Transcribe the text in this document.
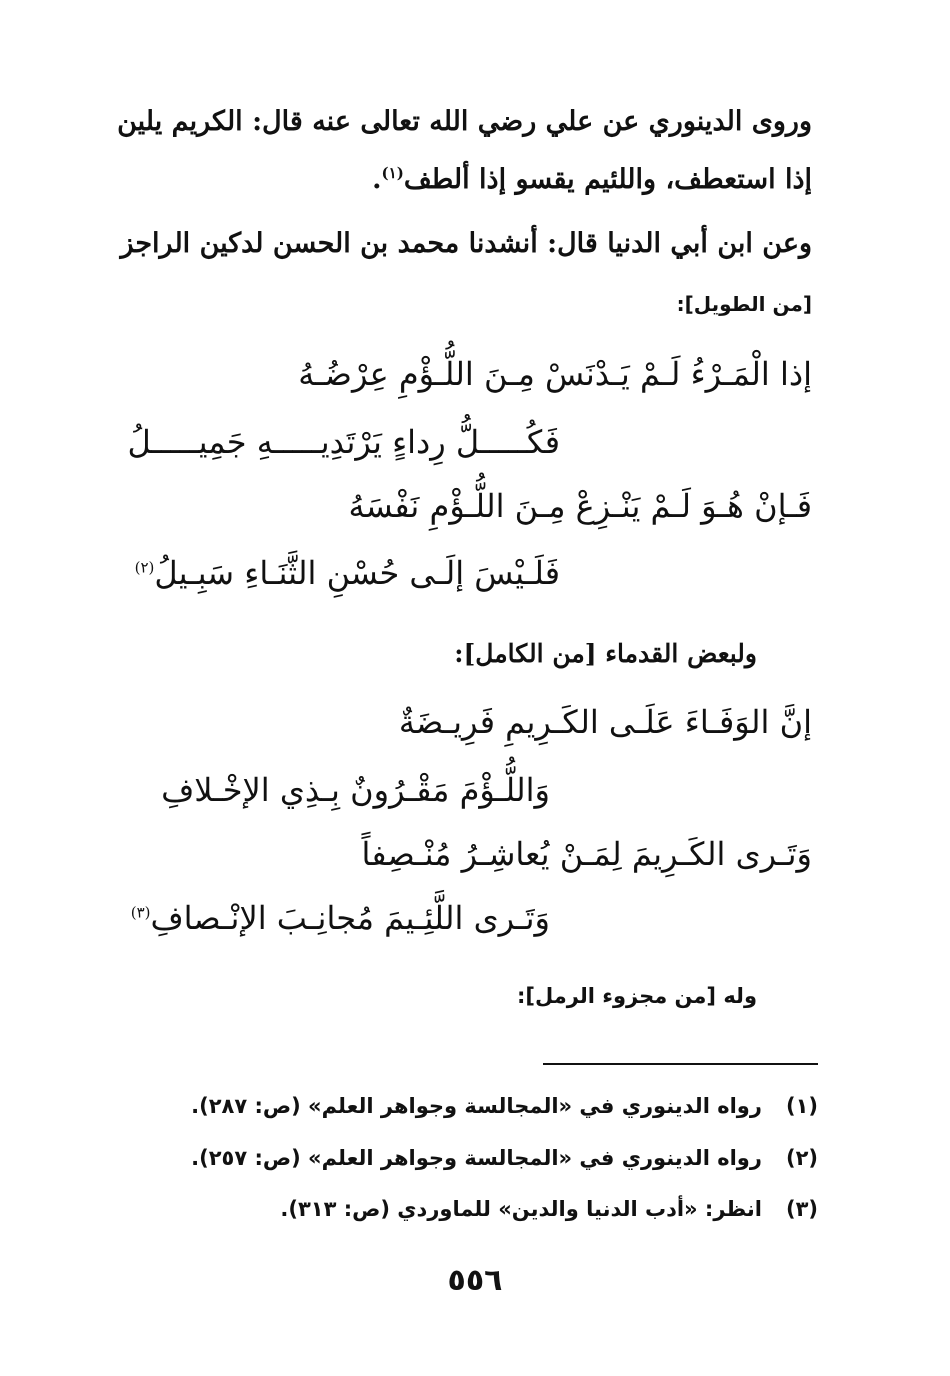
وروى الدينوري عن علي رضي الله تعالى عنه قال: الكريم يلين
إذا استعطف، واللئيم يقسو إذا ألطف$^{(١)}$.
وعن ابن أبي الدنيا قال: أنشدنا محمد بن الحسن لدكين الراجز
[من الطويل]:
إذا الْمَـرْءُ لَـمْ يَـدْنَسْ مِـنَ اللُّـؤْمِ عِرْضُـهُ
فَكُـــــلُّ رِداءٍ يَرْتَدِيـــــهِ جَمِيـــــلُ
فَـإنْ هُـوَ لَـمْ يَنْـزِعْ مِـنَ اللُّـؤْمِ نَفْسَهُ
فَلَـيْسَ إلَـى حُسْنِ الثَّنَـاءِ سَبِـيلُ$^{(٢)}$
ولبعض القدماء [من الكامل]:
إنَّ الوَفَـاءَ عَلَـى الكَـرِيمِ فَرِيـضَةٌ
وَاللُّـؤْمَ مَقْـرُونٌ بِـذِي الإخْـلافِ
وَتَـرى الكَـرِيمَ لِمَـنْ يُعاشِـرُ مُنْـصِفاً
وَتَـرى اللَّئِـيمَ مُجانِـبَ الإنْـصافِ$^{(٣)}$
وله [من مجزوء الرمل]:
(١)رواه الدينوري في «المجالسة وجواهر العلم» (ص: ٢٨٧).
(٢)رواه الدينوري في «المجالسة وجواهر العلم» (ص: ٢٥٧).
(٣)انظر: «أدب الدنيا والدين» للماوردي (ص: ٣١٣).
٥٥٦
